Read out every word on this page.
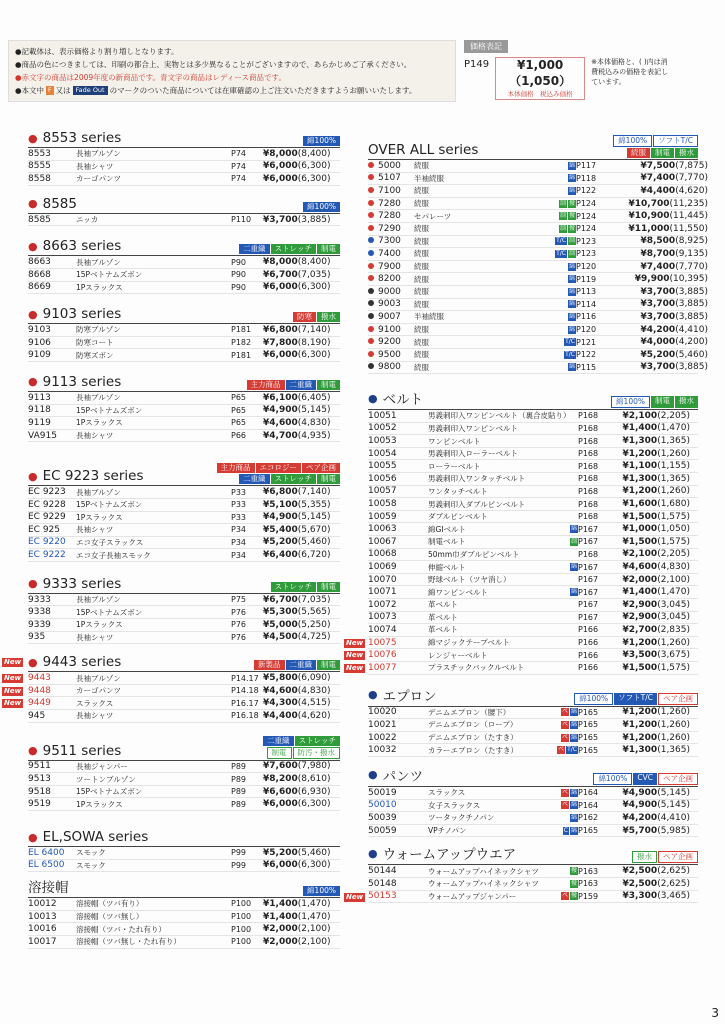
●記載体は、表示価格より割り増しとなります。
●商品の色につきましては、印刷の都合上、実物とは多少異なることがございますので、あらかじめご了承ください。
●赤文字の商品は2009年度の新商品です。青文字の商品はレディース商品です。
●本文中 F 又は Fade Out のマークのついた商品については在庫確認の上ご注文いただきますようお願いいたします。
価格表記
P149	¥1,000（1,050）
本体価格　 税込み価格
※本体価格と、( )内は消費税込みの価格を表記しています。
● 8553 series	綿100%
8553	長袖ブルゾン	P74	¥8,000(8,400)
8555	長袖シャツ	P74	¥6,000(6,300)
8558	カーゴパンツ	P74	¥6,000(6,300)
● 8585	綿100%
8585	ニッカ	P110	¥3,700(3,885)
● 8663 series	二重織	ストレッチ	制電
8663	長袖ブルゾン	P90	¥8,000(8,400)
8668	15Pベトナムズボン	P90	¥6,700(7,035)
8669	1Pスラックス	P90	¥6,000(6,300)
● 9103 series	防寒	撥水
9103	防寒ブルゾン	P181	¥6,800(7,140)
9106	防寒コート	P182	¥7,800(8,190)
9109	防寒ズボン	P181	¥6,000(6,300)
● 9113 series	主力商品	二重織	制電
9113	長袖ブルゾン	P65	¥6,100(6,405)
9118	15Pベトナムズボン	P65	¥4,900(5,145)
9119	1Pスラックス	P65	¥4,600(4,830)
VA915	長袖シャツ	P66	¥4,700(4,935)
● EC 9223 series
主力商品	エコロジー	ペア企画
二重織	ストレッチ	制電
EC 9223	長袖ブルゾン	P33	¥6,800(7,140)
EC 9228	15Pベトナムズボン	P33	¥5,100(5,355)
EC 9229	1Pスラックス	P33	¥4,900(5,145)
EC 925	長袖シャツ	P34	¥5,400(5,670)
EC 9220	エコ女子スラックス	P34	¥5,200(5,460)
EC 9222	エコ女子長袖スモック	P34	¥6,400(6,720)
● 9333 series	ストレッチ	制電
9333	長袖ブルゾン	P75	¥6,700(7,035)
9338	15Pベトナムズボン	P76	¥5,300(5,565)
9339	1Pスラックス	P76	¥5,000(5,250)
935	長袖シャツ	P76	¥4,500(4,725)
New ● 9443 series	新製品	二重織	制電
New 9443	長袖ブルゾン	P14.17 ¥5,800(6,090)
New 9448	カーゴパンツ	P14.18 ¥4,600(4,830)
New 9449	スラックス	P16.17 ¥4,300(4,515)
945	長袖シャツ	P16.18 ¥4,400(4,620)
● 9511 series
二重織	ストレッチ
制電	防汚・撥水
9511	長袖ジャンパー	P89	¥7,600(7,980)
9513	ツートンブルゾン	P89	¥8,200(8,610)
9518	15Pベトナムズボン	P89	¥6,600(6,930)
9519	1Pスラックス	P89	¥6,000(6,300)
● EL,SOWA series
EL 6400	スモック	P99	¥5,200(5,460)
EL 6500	スモック	P99	¥6,000(6,300)
溶接帽	綿100%
10012	溶接帽（ツバ有り）	P100	¥1,400(1,470)
10013	溶接帽（ツバ無し）	P100	¥1,400(1,470)
10016	溶接帽（ツバ・たれ有り）	P100	¥2,000(2,100)
10017	溶接帽（ツバ無し・たれ有り）	P100	¥2,000(2,100)
OVER ALL series
綿100%	ソフトT/C
続服	制電	撥水
5000	続服	綿 P117	¥7,500(7,875)
5107	半袖続服	綿 P118	¥7,400(7,770)
7100	続服	綿 P122	¥4,400(4,620)
7280	続服	制 撥 P124	¥10,700(11,235)
7280	セパレーツ	制 撥 P124	¥10,900(11,445)
7290	続服	制 撥 P124	¥11,000(11,550)
7300	続服	T/C 制 P123	¥8,500(8,925)
7400	続服	T/C 制 P123	¥8,700(9,135)
7900	続服	綿 P120	¥7,400(7,770)
8200	続服	綿 P119	¥9,900(10,395)
9000	続服	綿 P113	¥3,700(3,885)
9003	続服	綿 P114	¥3,700(3,885)
9007	半袖続服	綿 P116	¥3,700(3,885)
9100	続服	綿 P120	¥4,200(4,410)
9200	続服	T/C P121	¥4,000(4,200)
9500	続服	T/C P122	¥5,200(5,460)
9800	続服	綿 P115	¥3,700(3,885)
● ベルト	綿100%	制電	撥水
10051	男義刺印入ワンピンベルト（裏合皮貼り） P168	¥2,100(2,205)
10052	男義刺印入ワンピンベルト	P168	¥1,400(1,470)
10053	ワンピンベルト	P168	¥1,300(1,365)
10054	男義刺印入ローラーベルト	P168	¥1,200(1,260)
10055	ローラーベルト	P168	¥1,100(1,155)
10056	男義刺印入ワンタッチベルト	P168	¥1,300(1,365)
10057	ワンタッチベルト	P168	¥1,200(1,260)
10058	男義刺印入ダブルピンベルト	P168	¥1,600(1,680)
10059	ダブルピンベルト	P168	¥1,500(1,575)
10063	綿GIベルト	綿 P167	¥1,000(1,050)
10067	制電ベルト	制 P167	¥1,500(1,575)
10068	50mm巾ダブルピンベルト	P168	¥2,100(2,205)
10069	伸縮ベルト	綿 P167	¥4,600(4,830)
10070	野球ベルト（ツヤ消し）	P167	¥2,000(2,100)
10071	綿ワンピンベルト	綿 P167	¥1,400(1,470)
10072	革ベルト	P167	¥2,900(3,045)
10073	革ベルト	P167	¥2,900(3,045)
10074	革ベルト	P166	¥2,700(2,835)
New 10075	綿マジックテープベルト	P166	¥1,200(1,260)
New 10076	レンジャーベルト	P166	¥3,500(3,675)
New 10077	プラスチックバックルベルト	P166	¥1,500(1,575)
● エプロン	綿100%	ソフトT/C	ペア企画
10020	デニムエプロン（腰下）	ペ 綿 P165	¥1,200(1,260)
10021	デニムエプロン（ロープ）	ペ 綿 P165	¥1,200(1,260)
10022	デニムエプロン（たすき）	ペ 綿 P165	¥1,200(1,260)
10032	カラーエプロン（たすき）	ペ T/C P165	¥1,300(1,365)
● パンツ	綿100%	CVC	ペア企画
50019	スラックス	ペ 綿 P164	¥4,900(5,145)
50010	女子スラックス	ペ 綿 P164	¥4,900(5,145)
50039	ツータックチノパン	綿 P162	¥4,200(4,410)
50059	VPチノパン	C 綿 P165	¥5,700(5,985)
● ウォームアップウエア	撥水	ペア企画
50144	ウォームアップハイネックシャツ	撥 P163	¥2,500(2,625)
50148	ウォームアップハイネックシャツ	撥 P163	¥2,500(2,625)
New 50153	ウォームアップジャンパー	ペ 撥 P159	¥3,300(3,465)
3
